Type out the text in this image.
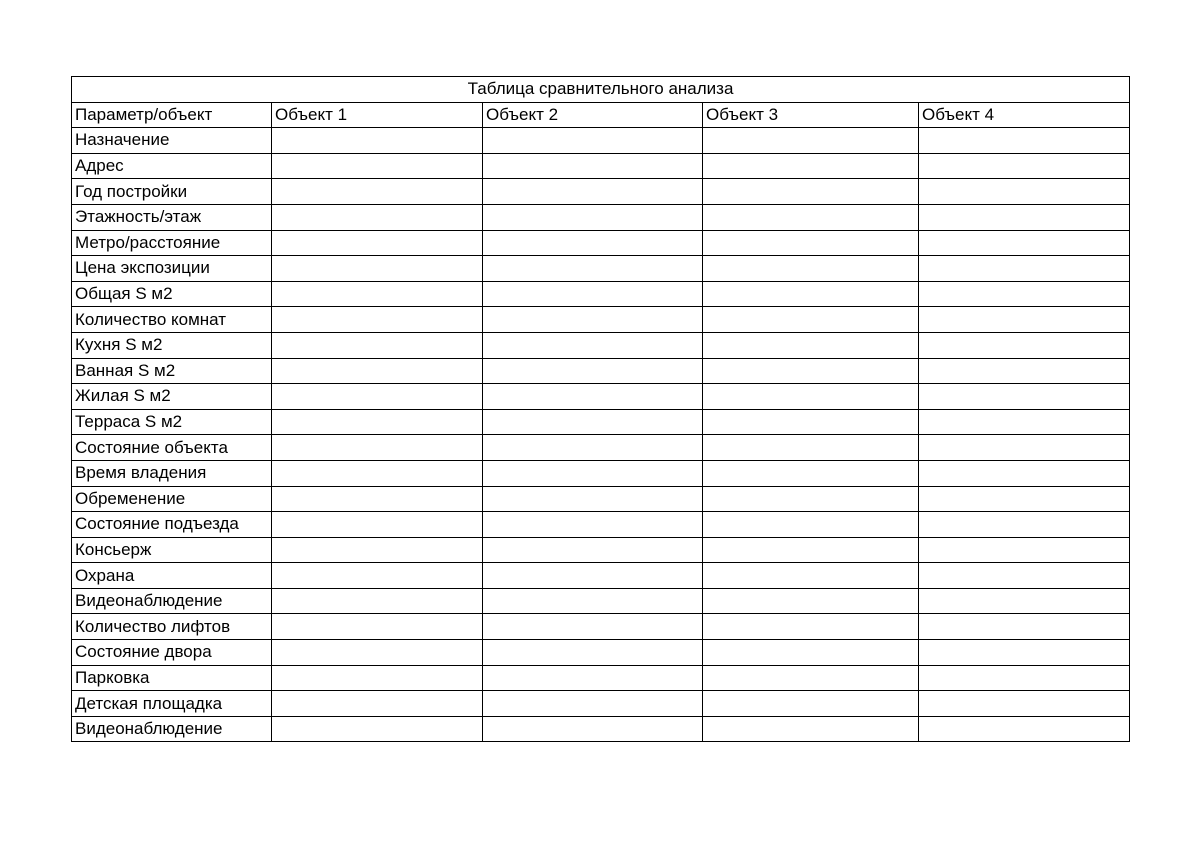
Таблица сравнительного анализа				
Параметр/объект	Объект 1	Объект 2	Объект 3	Объект 4
Назначение				
Адрес				
Год постройки				
Этажность/этаж				
Метро/расстояние				
Цена экспозиции				
Общая S м2				
Количество комнат				
Кухня S м2				
Ванная S м2				
Жилая S м2				
Терраса S м2				
Состояние объекта				
Время владения				
Обременение				
Состояние подъезда				
Консьерж				
Охрана				
Видеонаблюдение				
Количество лифтов				
Состояние двора				
Парковка				
Детская площадка				
Видеонаблюдение				
